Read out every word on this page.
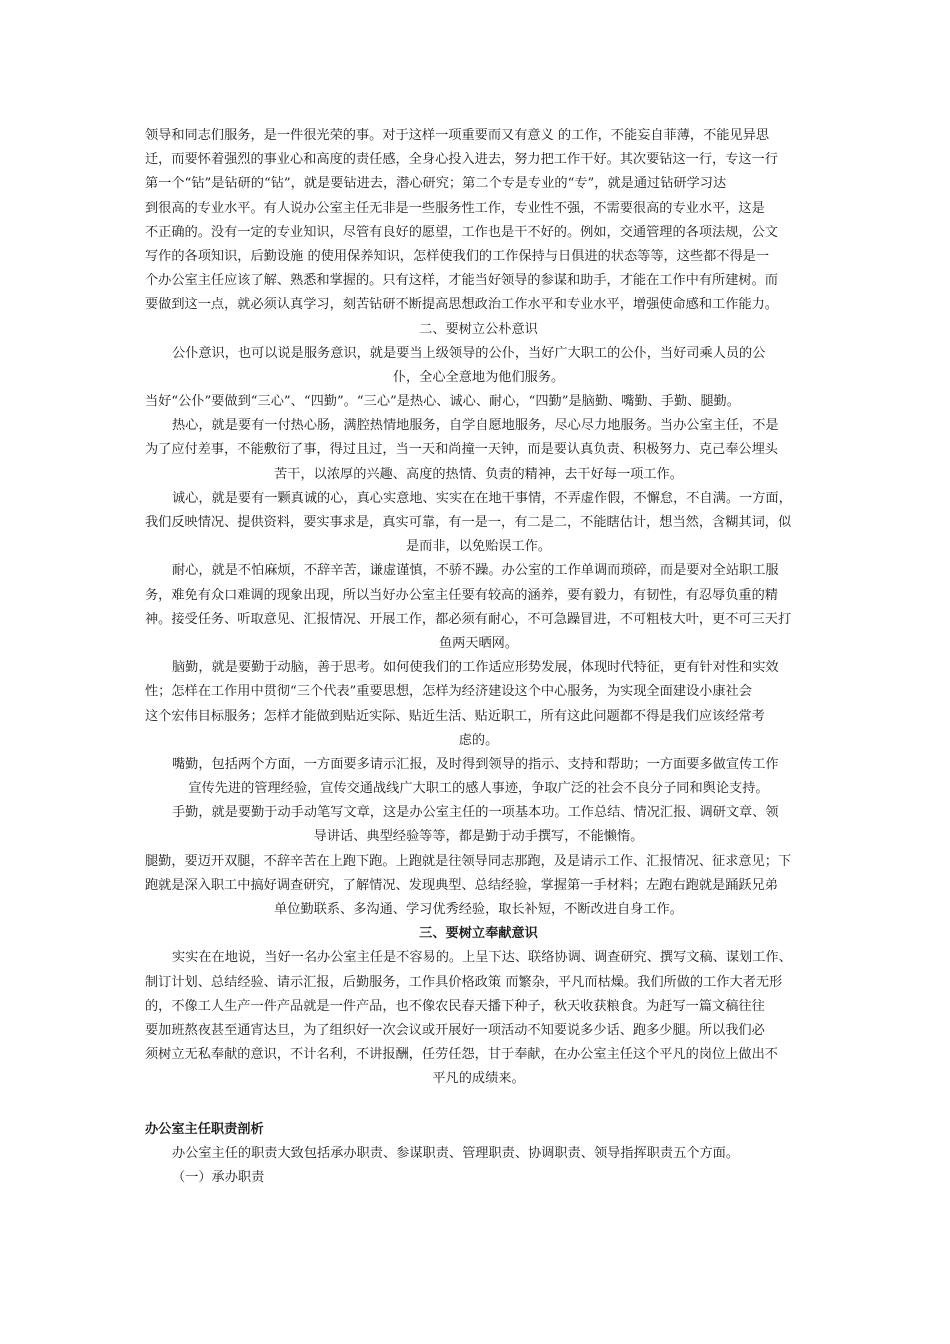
领导和同志们服务，是一件很光荣的事。对于这样一项重要而又有意义 的工作，不能妄自菲薄，不能见异思
迁，而要怀着强烈的事业心和高度的责任感，全身心投入进去，努力把工作干好。其次要钻这一行，专这一行
第一个“钻”是钻研的“钻”，就是要钻进去，潜心研究；第二个专是专业的“专”，就是通过钻研学习达
到很高的专业水平。有人说办公室主任无非是一些服务性工作，专业性不强，不需要很高的专业水平，这是
不正确的。没有一定的专业知识，尽管有良好的愿望，工作也是干不好的。例如，交通管理的各项法规，公文
写作的各项知识，后勤设施 的使用保养知识，怎样使我们的工作保持与日俱进的状态等等，这些都不得是一
个办公室主任应该了解、熟悉和掌握的。只有这样，才能当好领导的参谋和助手，才能在工作中有所建树。而
要做到这一点，就必须认真学习，刻苦钻研不断提高思想政治工作水平和专业水平，增强使命感和工作能力。
二、要树立公朴意识
公仆意识，也可以说是服务意识，就是要当上级领导的公仆，当好广大职工的公仆，当好司乘人员的公
仆，全心全意地为他们服务。
当好“公仆”要做到“三心”、“四勤”。“三心”是热心、诚心、耐心，“四勤”是脑勤、嘴勤、手勤、腿勤。
热心，就是要有一付热心肠，满腔热情地服务，自学自愿地服务，尽心尽力地服务。当办公室主任，不是
为了应付差事，不能敷衍了事，得过且过，当一天和尚撞一天钟，而是要认真负责、积极努力、克己奉公埋头
苦干，以浓厚的兴趣、高度的热情、负责的精神，去干好每一项工作。
诚心，就是要有一颗真诚的心，真心实意地、实实在在地干事情，不弄虚作假，不懈怠，不自满。一方面，
我们反映情况、提供资料，要实事求是，真实可靠，有一是一，有二是二，不能瞎估计，想当然，含糊其词，似
是而非，以免贻误工作。
耐心，就是不怕麻烦，不辞辛苦，谦虚谨慎，不骄不躁。办公室的工作单调而琐碎，而是要对全站职工服
务，难免有众口难调的现象出现，所以当好办公室主任要有较高的涵养，要有毅力，有韧性，有忍辱负重的精
神。接受任务、听取意见、汇报情况、开展工作，都必须有耐心，不可急躁冒进，不可粗枝大叶，更不可三天打
鱼两天晒网。
脑勤，就是要勤于动脑，善于思考。如何使我们的工作适应形势发展，体现时代特征，更有针对性和实效
性；怎样在工作用中贯彻“三个代表”重要思想，怎样为经济建设这个中心服务，为实现全面建设小康社会
这个宏伟目标服务；怎样才能做到贴近实际、贴近生活、贴近职工，所有这此问题都不得是我们应该经常考
虑的。
嘴勤，包括两个方面，一方面要多请示汇报，及时得到领导的指示、支持和帮助；一方面要多做宣传工作
宣传先进的管理经验，宣传交通战线广大职工的感人事迹，争取广泛的社会不良分子同和舆论支持。
手勤，就是要勤于动手动笔写文章，这是办公室主任的一项基本功。工作总结、情况汇报、调研文章、领
导讲话、典型经验等等，都是勤于动手撰写，不能懒惰。
腿勤，要迈开双腿，不辞辛苦在上跑下跑。上跑就是往领导同志那跑，及是请示工作、汇报情况、征求意见；下
跑就是深入职工中搞好调查研究，了解情况、发现典型、总结经验，掌握第一手材料；左跑右跑就是踊跃兄弟
单位勤联系、多沟通、学习优秀经验，取长补短，不断改进自身工作。
三、要树立奉献意识
实实在在地说，当好一名办公室主任是不容易的。上呈下达、联络协调、调查研究、撰写文稿、谋划工作、
制订计划、总结经验、请示汇报，后勤服务，工作具价格政策 而繁杂，平凡而枯燥。我们所做的工作大者无形
的，不像工人生产一件产品就是一件产品，也不像农民春天播下种子，秋天收获粮食。为赶写一篇文稿往往
要加班熬夜甚至通宵达旦，为了组织好一次会议或开展好一项活动不知要说多少话、跑多少腿。所以我们必
须树立无私奉献的意识，不计名利，不讲报酬，任劳任怨，甘于奉献，在办公室主任这个平凡的岗位上做出不
平凡的成绩来。
办公室主任职责剖析
办公室主任的职责大致包括承办职责、参谋职责、管理职责、协调职责、领导指挥职责五个方面。
（一）承办职责
